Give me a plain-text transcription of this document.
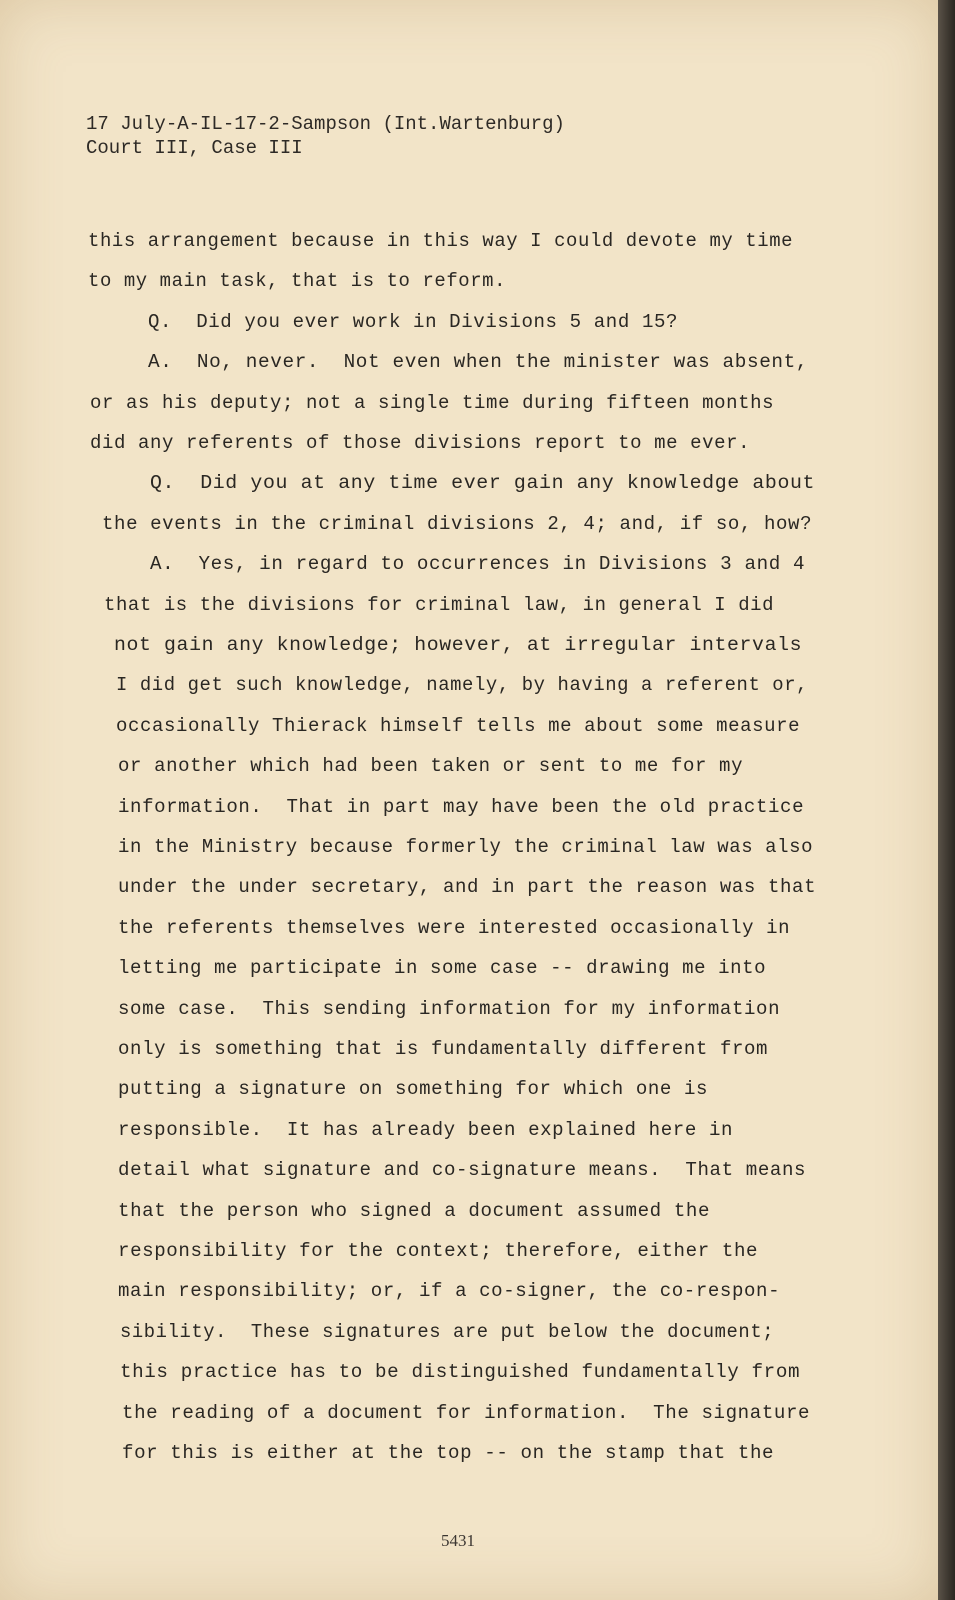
17 July-A-IL-17-2-Sampson (Int.Wartenburg)
Court III, Case III
this arrangement because in this way I could devote my time
to my main task, that is to reform.
Q.  Did you ever work in Divisions 5 and 15?
A.  No, never.  Not even when the minister was absent,
or as his deputy; not a single time during fifteen months
did any referents of those divisions report to me ever.
Q.  Did you at any time ever gain any knowledge about
the events in the criminal divisions 2, 4; and, if so, how?
A.  Yes, in regard to occurrences in Divisions 3 and 4
that is the divisions for criminal law, in general I did
not gain any knowledge; however, at irregular intervals
I did get such knowledge, namely, by having a referent or,
occasionally Thierack himself tells me about some measure
or another which had been taken or sent to me for my
information.  That in part may have been the old practice
in the Ministry because formerly the criminal law was also
under the under secretary, and in part the reason was that
the referents themselves were interested occasionally in
letting me participate in some case -- drawing me into
some case.  This sending information for my information
only is something that is fundamentally different from
putting a signature on something for which one is
responsible.  It has already been explained here in
detail what signature and co-signature means.  That means
that the person who signed a document assumed the
responsibility for the context; therefore, either the
main responsibility; or, if a co-signer, the co-respon-
sibility.  These signatures are put below the document;
this practice has to be distinguished fundamentally from
the reading of a document for information.  The signature
for this is either at the top -- on the stamp that the
5431
